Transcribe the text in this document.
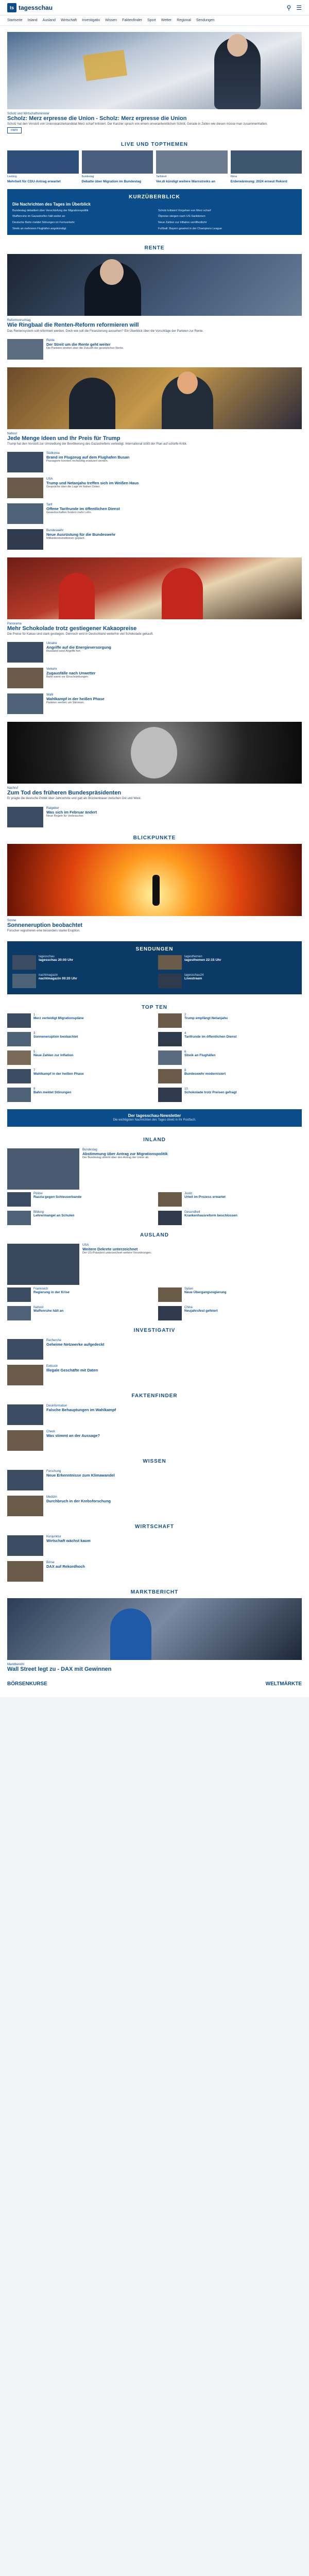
ts tagesschau	⚲ ☰
Startseite Inland Ausland Wirtschaft Investigativ Wissen Faktenfinder Sport Wetter Regional Sendungen
Scholz und Wirtschaftsminister
Scholz: Merz erpresse die Union - Scholz: Merz erpresse die Union
Scholz hat den Vorstoß von Unionskanzlerkandidat Merz scharf kritisiert. Der Kanzler sprach von einem unverantwortlichen Schritt, Gerade in Zeiten wie diesen müsse man zusammenhalten.
mehr
LIVE UND TOPTHEMEN
Liveblog
Mehrheit für CDU-Antrag erwartet
Bundestag
Debatte über Migration im Bundestag
Tarifstreit
Ver.di kündigt weitere Warnstreiks an
Klima
Erderwärmung: 2024 erneut Rekord
KURZÜBERBLICK
Die Nachrichten des Tages im Überblick
Bundestag debattiert über Verschärfung der Migrationspolitik	Scholz kritisiert Vorgehen von Merz scharf
Waffenruhe im Gazastreifen hält weiter an	Ölpreise steigen nach US-Sanktionen
Deutsche Bahn meldet Störungen im Fernverkehr	Neue Zahlen zur Inflation veröffentlicht
Streik an mehreren Flughäfen angekündigt	Fußball: Bayern gewinnt in der Champions League
RENTE
Reformvorschlag
Wie Ringbaal die Renten-Reform reformieren will
Das Rentensystem soll reformiert werden. Doch wie soll die Finanzierung aussehen? Ein Überblick über die Vorschläge der Parteien zur Rente.
Rente
Der Streit um die Rente geht weiter
Die Parteien streiten über die Zukunft der gesetzlichen Rente.
Nahost
Jede Menge Ideen und Ihr Preis für Trump
Trump hat den Vorstoß zur Umsiedlung der Bevölkerung des Gazastreifens verteidigt. International stößt der Plan auf scharfe Kritik.
Südkorea
Brand im Flugzeug auf dem Flughafen Busan
Passagiere konnten rechtzeitig evakuiert werden.
USA
Trump und Netanjahu treffen sich im Weißen Haus
Gespräche über die Lage im Nahen Osten.
Tarif
Offene Tarifrunde im öffentlichen Dienst
Gewerkschaften fordern mehr Lohn.
Bundeswehr
Neue Ausrüstung für die Bundeswehr
Milliardeninvestitionen geplant.
Panorama
Mehr Schokolade trotz gestiegener Kakaopreise
Die Preise für Kakao sind stark gestiegen. Dennoch wird in Deutschland weiterhin viel Schokolade gekauft.
Ukraine
Angriffe auf die Energieversorgung
Russland setzt Angriffe fort.
Verkehr
Zugausfälle nach Unwetter
Bahn warnt vor Einschränkungen.
Wahl
Wahlkampf in der heißen Phase
Parteien werben um Stimmen.
Nachruf
Zum Tod des früheren Bundespräsidenten
Er prägte die deutsche Politik über Jahrzehnte und galt als Brückenbauer zwischen Ost und West.
Ratgeber
Was sich im Februar ändert
Neue Regeln für Verbraucher.
BLICKPUNKTE
Sonne
Sonneneruption beobachtet
Forscher registrieren eine besonders starke Eruption.
SENDUNGEN
tagesschau
tagesschau 20:00 Uhr
tagesthemen
tagesthemen 22:15 Uhr
nachtmagazin
nachtmagazin 00:20 Uhr
tagesschau24
Livestream
TOP TEN
1
Merz verteidigt Migrationspläne
2
Trump empfängt Netanjahu
3
Sonneneruption beobachtet
4
Tarifrunde im öffentlichen Dienst
5
Neue Zahlen zur Inflation
6
Streik an Flughäfen
7
Wahlkampf in der heißen Phase
8
Bundeswehr modernisiert
9
Bahn meldet Störungen
10
Schokolade trotz Preisen gefragt
Der tagesschau-Newsletter
Die wichtigsten Nachrichten des Tages direkt in Ihr Postfach.
INLAND
Bundestag
Abstimmung über Antrag zur Migrationspolitik
Der Bundestag stimmt über den Antrag der Union ab.
Polizei
Razzia gegen Schleuserbande
Justiz
Urteil im Prozess erwartet
Bildung
Lehrermangel an Schulen
Gesundheit
Krankenhausreform beschlossen
AUSLAND
USA
Weitere Dekrete unterzeichnet
Der US-Präsident unterzeichnet weitere Verordnungen.
Frankreich
Regierung in der Krise
Syrien
Neue Übergangsregierung
Nahost
Waffenruhe hält an
China
Neujahrsfest gefeiert
INVESTIGATIV
Recherche
Geheime Netzwerke aufgedeckt
Exklusiv
Illegale Geschäfte mit Daten
FAKTENFINDER
Desinformation
Falsche Behauptungen im Wahlkampf
Check
Was stimmt an der Aussage?
WISSEN
Forschung
Neue Erkenntnisse zum Klimawandel
Medizin
Durchbruch in der Krebsforschung
WIRTSCHAFT
Konjunktur
Wirtschaft wächst kaum
Börse
DAX auf Rekordhoch
MARKTBERICHT
Marktbericht
Wall Street legt zu - DAX mit Gewinnen
BÖRSENKURSE	WELTMÄRKTE
